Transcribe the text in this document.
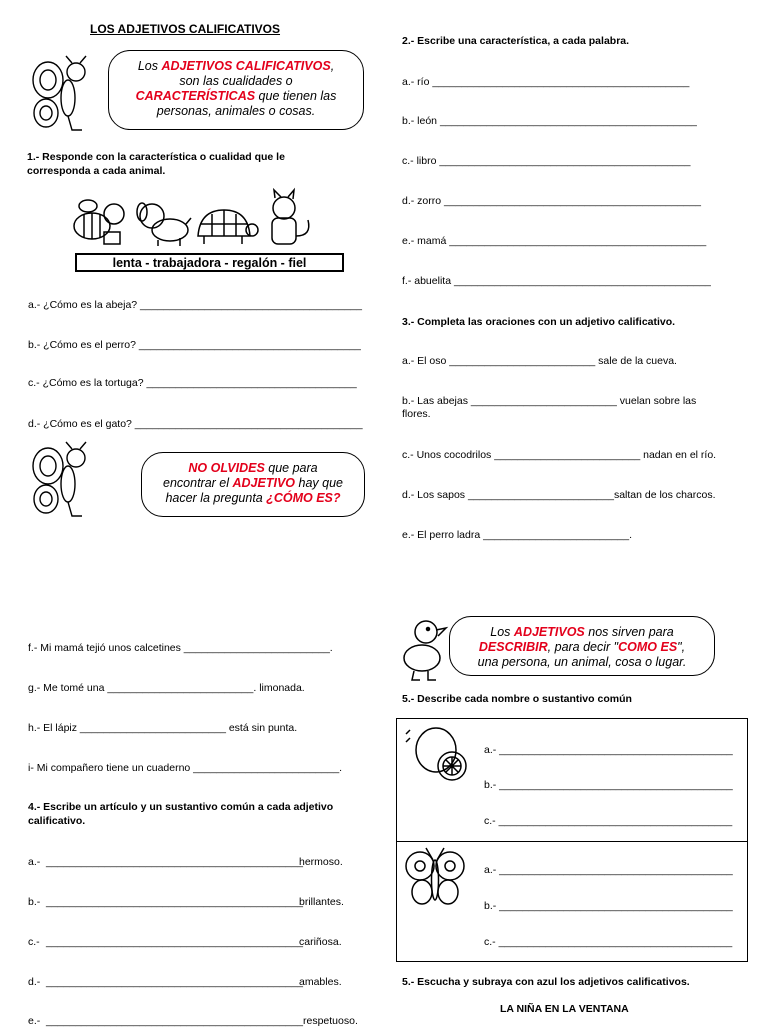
LOS ADJETIVOS CALIFICATIVOS
Los ADJETIVOS CALIFICATIVOS,
son las cualidades o
CARACTERÍSTICAS que tienen las
personas, animales o cosas.
1.- Responde con la característica o cualidad que le
corresponda a cada animal.
lenta - trabajadora - regalón - fiel
a.- ¿Cómo es la abeja? ______________________________________
b.- ¿Cómo es el perro? ______________________________________
c.- ¿Cómo es la tortuga? ____________________________________
d.- ¿Cómo es el gato? _______________________________________
NO OLVIDES que para
encontrar el ADJETIVO hay que
hacer la pregunta ¿CÓMO ES?
f.- Mi mamá tejió unos calcetines _________________________.
g.- Me tomé una _________________________. limonada.
h.- El lápiz _________________________ está sin punta.
i- Mi compañero tiene un cuaderno _________________________.
4.- Escribe un artículo y un sustantivo común a cada adjetivo
calificativo.
a.- ____________________________________________
hermoso.
b.- ____________________________________________
brillantes.
c.- ____________________________________________
cariñosa.
d.- ____________________________________________
amables.
e.- ____________________________________________ respetuoso.
2.- Escribe una característica, a cada palabra.
a.- río ____________________________________________
b.- león ____________________________________________
c.- libro ___________________________________________
d.- zorro ____________________________________________
e.- mamá ____________________________________________
f.- abuelita ____________________________________________
3.- Completa las oraciones con un adjetivo calificativo.
a.- El oso _________________________ sale de la cueva.
b.- Las abejas _________________________ vuelan sobre las
flores.
c.- Unos cocodrilos _________________________ nadan en el río.
d.- Los sapos _________________________saltan de los charcos.
e.- El perro ladra _________________________.
Los ADJETIVOS nos sirven para
DESCRIBIR, para decir "COMO ES",
una persona, un animal, cosa o lugar.
5.- Describe cada nombre o sustantivo común
a.- ________________________________________
b.- ________________________________________
c.- ________________________________________
a.- ________________________________________
b.- ________________________________________
c.- ________________________________________
5.- Escucha y subraya con azul los adjetivos calificativos.
LA NIÑA EN LA VENTANA
